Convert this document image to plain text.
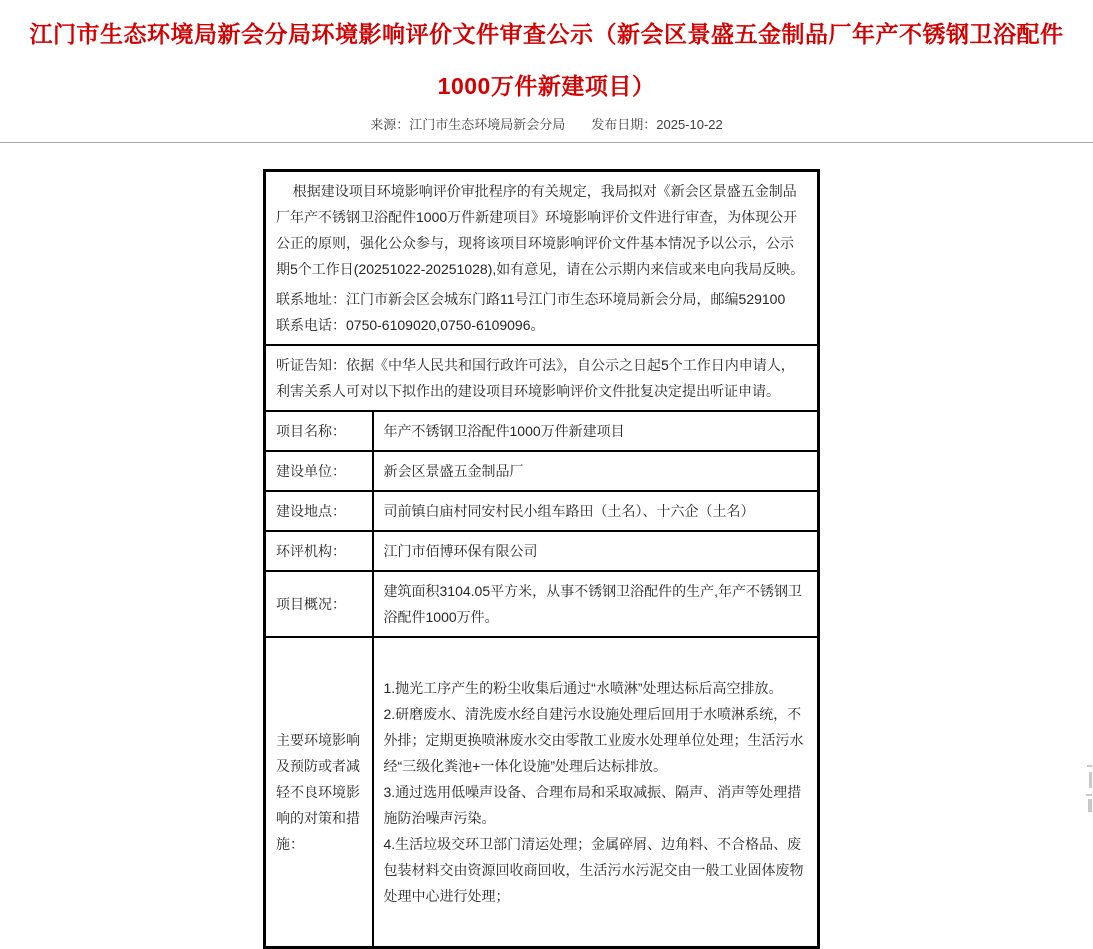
江门市生态环境局新会分局环境影响评价文件审查公示（新会区景盛五金制品厂年产不锈钢卫浴配件1000万件新建项目）
来源：江门市生态环境局新会分局 发布日期：2025-10-22

根据建设项目环境影响评价审批程序的有关规定，我局拟对《新会区景盛五金制品厂年产不锈钢卫浴配件1000万件新建项目》环境影响评价文件进行审查，为体现公开公正的原则，强化公众参与，现将该项目环境影响评价文件基本情况予以公示，公示期5个工作日(20251022-20251028),如有意见，请在公示期内来信或来电向我局反映。

联系地址：江门市新会区会城东门路11号江门市生态环境局新会分局，邮编529100

联系电话：0750-6109020,0750-6109096。	

听证告知：依据《中华人民共和国行政许可法》，自公示之日起5个工作日内申请人，利害关系人可对以下拟作出的建设项目环境影响评价文件批复决定提出听证申请。	
项目名称：	年产不锈钢卫浴配件1000万件新建项目
建设单位：	新会区景盛五金制品厂
建设地点：	司前镇白庙村同安村民小组车路田（土名）、十六企（土名）
环评机构：	江门市佰博环保有限公司
项目概况：	建筑面积3104.05平方米，从事不锈钢卫浴配件的生产,年产不锈钢卫浴配件1000万件。
主要环境影响及预防或者减轻不良环境影响的对策和措施：	1.抛光工序产生的粉尘收集后通过“水喷淋”处理达标后高空排放。

2.研磨废水、清洗废水经自建污水设施处理后回用于水喷淋系统，不外排；定期更换喷淋废水交由零散工业废水处理单位处理；生活污水经“三级化粪池+一体化设施”处理后达标排放。

3.通过选用低噪声设备、合理布局和采取减振、隔声、消声等处理措施防治噪声污染。

4.生活垃圾交环卫部门清运处理；金属碎屑、边角料、不合格品、废包装材料交由资源回收商回收，生活污水污泥交由一般工业固体废物处理中心进行处理；
